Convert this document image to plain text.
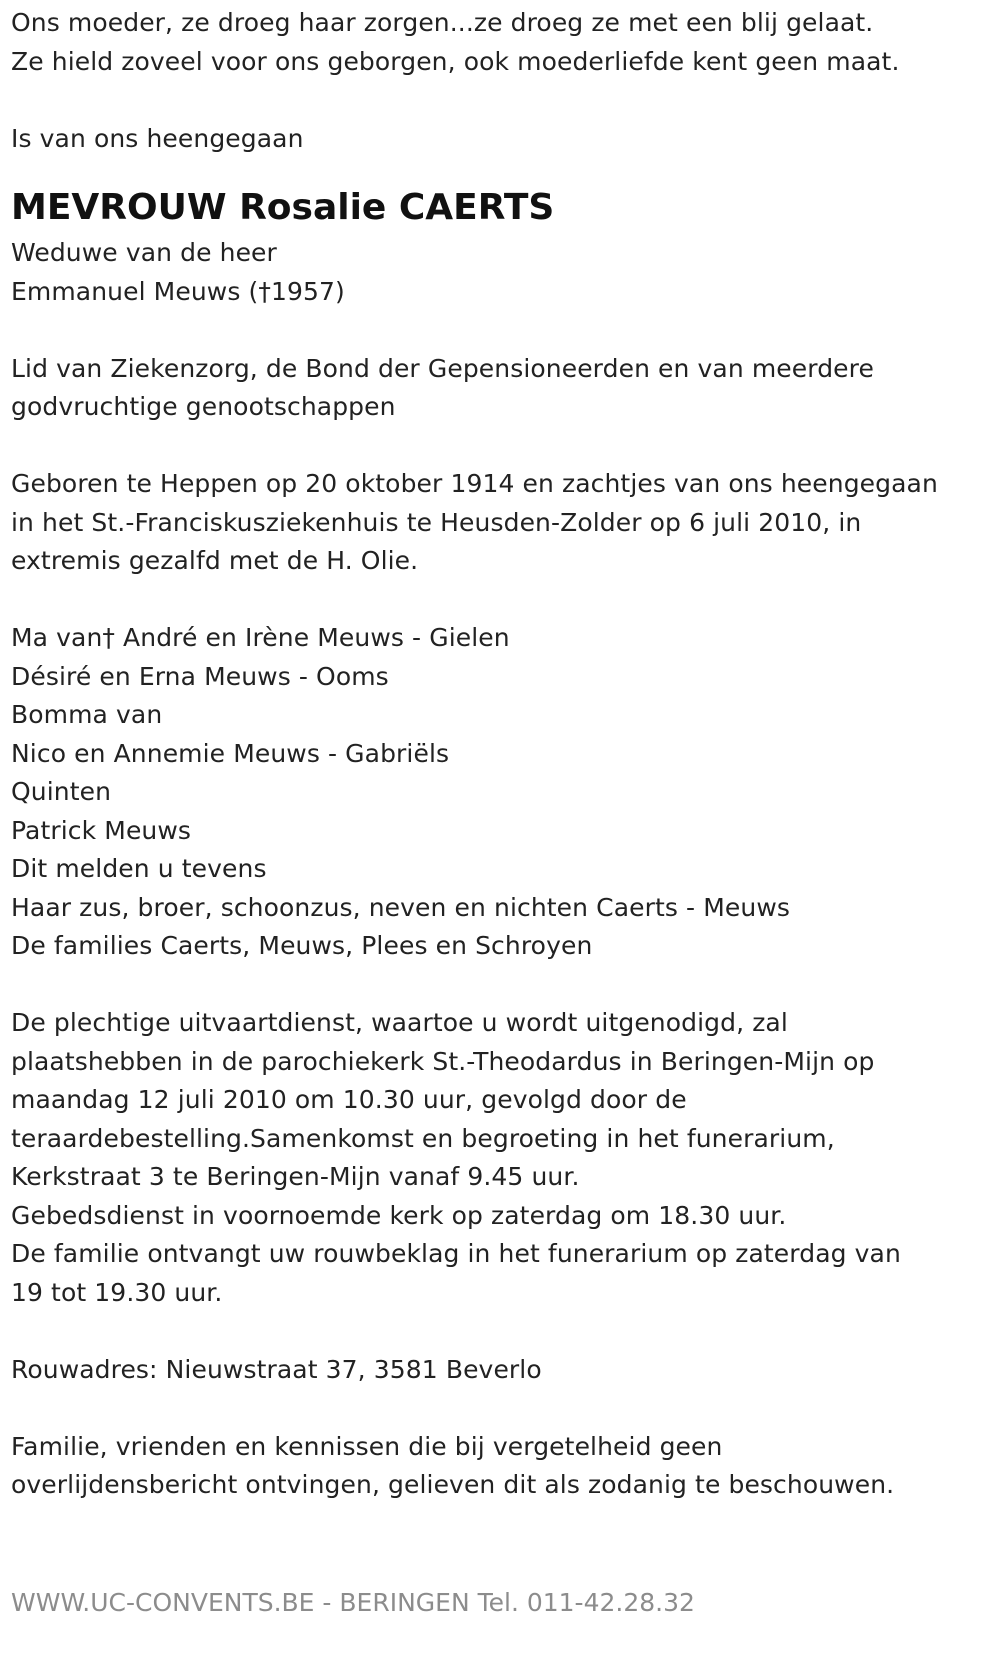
Ons moeder, ze droeg haar zorgen...ze droeg ze met een blij gelaat.
Ze hield zoveel voor ons geborgen, ook moederliefde kent geen maat.
Is van ons heengegaan
MEVROUW Rosalie CAERTS
Weduwe van de heer
Emmanuel Meuws (†1957)
Lid van Ziekenzorg, de Bond der Gepensioneerden en van meerdere
godvruchtige genootschappen
Geboren te Heppen op 20 oktober 1914 en zachtjes van ons heengegaan
in het St.-Franciskusziekenhuis te Heusden-Zolder op 6 juli 2010, in
extremis gezalfd met de H. Olie.
Ma van† André en Irène Meuws - Gielen
Désiré en Erna Meuws - Ooms
Bomma van
Nico en Annemie Meuws - Gabriëls
Quinten
Patrick Meuws
Dit melden u tevens
Haar zus, broer, schoonzus, neven en nichten Caerts - Meuws
De families Caerts, Meuws, Plees en Schroyen
De plechtige uitvaartdienst, waartoe u wordt uitgenodigd, zal
plaatshebben in de parochiekerk St.-Theodardus in Beringen-Mijn op
maandag 12 juli 2010 om 10.30 uur, gevolgd door de
teraardebestelling.Samenkomst en begroeting in het funerarium,
Kerkstraat 3 te Beringen-Mijn vanaf 9.45 uur.
Gebedsdienst in voornoemde kerk op zaterdag om 18.30 uur.
De familie ontvangt uw rouwbeklag in het funerarium op zaterdag van
19 tot 19.30 uur.
Rouwadres: Nieuwstraat 37, 3581 Beverlo
Familie, vrienden en kennissen die bij vergetelheid geen
overlijdensbericht ontvingen, gelieven dit als zodanig te beschouwen.
WWW.UC-CONVENTS.BE - BERINGEN Tel. 011-42.28.32
